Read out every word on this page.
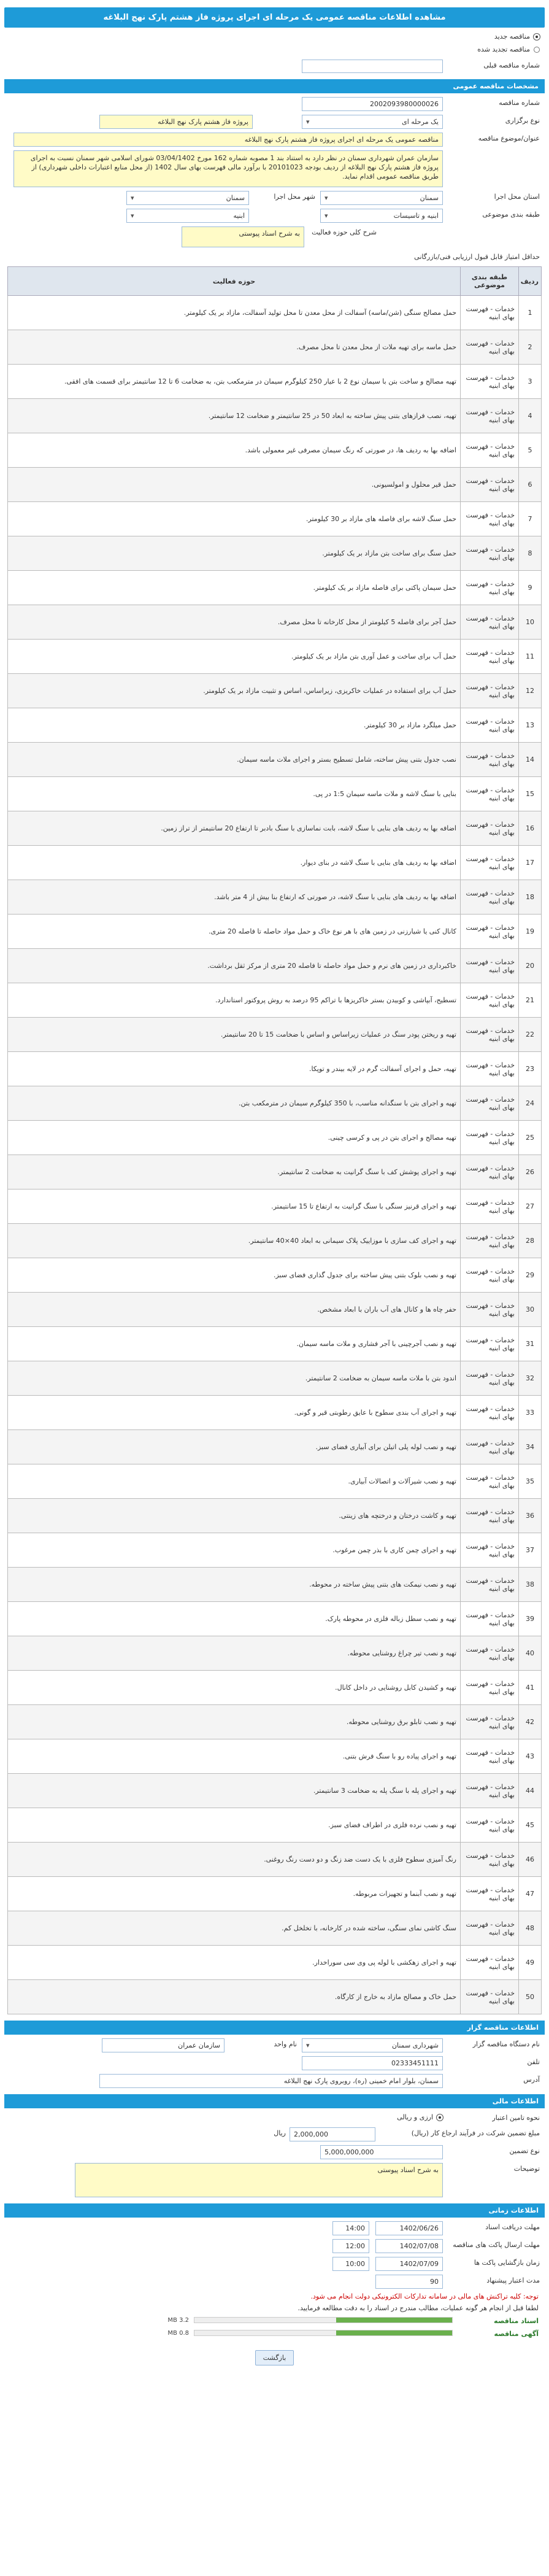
مشاهده اطلاعات مناقصه عمومی یک مرحله ای اجرای پروژه فاز هشتم پارک نهج البلاغه
مناقصه جدید
مناقصه تجدید شده
شماره مناقصه قبلی
مشخصات مناقصه عمومی
شماره مناقصه
2002093980000026
نوع برگزاری
یک مرحله ای
▾
پروژه فاز هشتم پارک نهج البلاغه
عنوان/موضوع مناقصه
مناقصه عمومی یک مرحله ای اجرای پروژه فاز هشتم پارک نهج البلاغه
سازمان عمران شهرداری سمنان در نظر دارد به استناد بند 1 مصوبه شماره 162 مورخ 03/04/1402 شورای اسلامی شهر سمنان نسبت به اجرای پروژه فاز هشتم پارک نهج البلاغه از ردیف بودجه 20101023 با برآورد مالی فهرست بهای سال 1402 (از محل منابع اعتبارات داخلی شهرداری) از طریق مناقصه عمومی اقدام نماید.
استان محل اجرا
سمنان
▾
شهر محل اجرا
سمنان
▾
طبقه بندی موضوعی
ابنیه و تاسیسات
▾
ابنیه
▾
شرح کلی حوزه فعالیت
به شرح اسناد پیوستی
حداقل امتیاز قابل قبول ارزیابی فنی/بازرگانی
ردیف	طبقه بندی موضوعی	حوزه فعالیت
1	خدمات - فهرست بهای ابنیه	حمل مصالح سنگی (شن/ماسه) آسفالت از محل معدن تا محل تولید آسفالت، مازاد بر یک کیلومتر.
2	خدمات - فهرست بهای ابنیه	حمل ماسه برای تهیه ملات از محل معدن تا محل مصرف.
3	خدمات - فهرست بهای ابنیه	تهیه مصالح و ساخت بتن با سیمان نوع 2 با عیار 250 کیلوگرم سیمان در مترمکعب بتن، به ضخامت 6 تا 12 سانتیمتر برای قسمت های افقی.
4	خدمات - فهرست بهای ابنیه	تهیه، نصب فرازهای بتنی پیش ساخته به ابعاد 50 در 25 سانتیمتر و ضخامت 12 سانتیمتر.
5	خدمات - فهرست بهای ابنیه	اضافه بها به ردیف ها، در صورتی که رنگ سیمان مصرفی غیر معمولی باشد.
6	خدمات - فهرست بهای ابنیه	حمل قیر محلول و امولسیونی.
7	خدمات - فهرست بهای ابنیه	حمل سنگ لاشه برای فاصله های مازاد بر 30 کیلومتر.
8	خدمات - فهرست بهای ابنیه	حمل سنگ برای ساخت بتن مازاد بر یک کیلومتر.
9	خدمات - فهرست بهای ابنیه	حمل سیمان پاکتی برای فاصله مازاد بر یک کیلومتر.
10	خدمات - فهرست بهای ابنیه	حمل آجر برای فاصله 5 کیلومتر از محل کارخانه تا محل مصرف.
11	خدمات - فهرست بهای ابنیه	حمل آب برای ساخت و عمل آوری بتن مازاد بر یک کیلومتر.
12	خدمات - فهرست بهای ابنیه	حمل آب برای استفاده در عملیات خاکریزی، زیراساس، اساس و تثبیت مازاد بر یک کیلومتر.
13	خدمات - فهرست بهای ابنیه	حمل میلگرد مازاد بر 30 کیلومتر.
14	خدمات - فهرست بهای ابنیه	نصب جدول بتنی پیش ساخته، شامل تسطیح بستر و اجرای ملات ماسه سیمان.
15	خدمات - فهرست بهای ابنیه	بنایی با سنگ لاشه و ملات ماسه سیمان 1:5 در پی.
16	خدمات - فهرست بهای ابنیه	اضافه بها به ردیف های بنایی با سنگ لاشه، بابت نماسازی با سنگ بادبر تا ارتفاع 20 سانتیمتر از تراز زمین.
17	خدمات - فهرست بهای ابنیه	اضافه بها به ردیف های بنایی با سنگ لاشه در بنای دیوار.
18	خدمات - فهرست بهای ابنیه	اضافه بها به ردیف های بنایی با سنگ لاشه، در صورتی که ارتفاع بنا بیش از 4 متر باشد.
19	خدمات - فهرست بهای ابنیه	کانال کنی یا شیارزنی در زمین های با هر نوع خاک و حمل مواد حاصله تا فاصله 20 متری.
20	خدمات - فهرست بهای ابنیه	خاکبرداری در زمین های نرم و حمل مواد حاصله تا فاصله 20 متری از مرکز ثقل برداشت.
21	خدمات - فهرست بهای ابنیه	تسطیح، آبپاشی و کوبیدن بستر خاکریزها با تراکم 95 درصد به روش پروکتور استاندارد.
22	خدمات - فهرست بهای ابنیه	تهیه و ریختن پودر سنگ در عملیات زیراساس و اساس با ضخامت 15 تا 20 سانتیمتر.
23	خدمات - فهرست بهای ابنیه	تهیه، حمل و اجرای آسفالت گرم در لایه بیندر و توپکا.
24	خدمات - فهرست بهای ابنیه	تهیه و اجرای بتن با سنگدانه مناسب، با 350 کیلوگرم سیمان در مترمکعب بتن.
25	خدمات - فهرست بهای ابنیه	تهیه مصالح و اجرای بتن در پی و کرسی چینی.
26	خدمات - فهرست بهای ابنیه	تهیه و اجرای پوشش کف با سنگ گرانیت به ضخامت 2 سانتیمتر.
27	خدمات - فهرست بهای ابنیه	تهیه و اجرای قرنیز سنگی با سنگ گرانیت به ارتفاع تا 15 سانتیمتر.
28	خدمات - فهرست بهای ابنیه	تهیه و اجرای کف سازی با موزاییک پلاک سیمانی به ابعاد 40×40 سانتیمتر.
29	خدمات - فهرست بهای ابنیه	تهیه و نصب بلوک بتنی پیش ساخته برای جدول گذاری فضای سبز.
30	خدمات - فهرست بهای ابنیه	حفر چاه ها و کانال های آب باران با ابعاد مشخص.
31	خدمات - فهرست بهای ابنیه	تهیه و نصب آجرچینی با آجر فشاری و ملات ماسه سیمان.
32	خدمات - فهرست بهای ابنیه	اندود بتن با ملات ماسه سیمان به ضخامت 2 سانتیمتر.
33	خدمات - فهرست بهای ابنیه	تهیه و اجرای آب بندی سطوح با عایق رطوبتی قیر و گونی.
34	خدمات - فهرست بهای ابنیه	تهیه و نصب لوله پلی اتیلن برای آبیاری فضای سبز.
35	خدمات - فهرست بهای ابنیه	تهیه و نصب شیرآلات و اتصالات آبیاری.
36	خدمات - فهرست بهای ابنیه	تهیه و کاشت درختان و درختچه های زینتی.
37	خدمات - فهرست بهای ابنیه	تهیه و اجرای چمن کاری با بذر چمن مرغوب.
38	خدمات - فهرست بهای ابنیه	تهیه و نصب نیمکت های بتنی پیش ساخته در محوطه.
39	خدمات - فهرست بهای ابنیه	تهیه و نصب سطل زباله فلزی در محوطه پارک.
40	خدمات - فهرست بهای ابنیه	تهیه و نصب تیر چراغ روشنایی محوطه.
41	خدمات - فهرست بهای ابنیه	تهیه و کشیدن کابل روشنایی در داخل کانال.
42	خدمات - فهرست بهای ابنیه	تهیه و نصب تابلو برق روشنایی محوطه.
43	خدمات - فهرست بهای ابنیه	تهیه و اجرای پیاده رو با سنگ فرش بتنی.
44	خدمات - فهرست بهای ابنیه	تهیه و اجرای پله با سنگ پله به ضخامت 3 سانتیمتر.
45	خدمات - فهرست بهای ابنیه	تهیه و نصب نرده فلزی در اطراف فضای سبز.
46	خدمات - فهرست بهای ابنیه	رنگ آمیزی سطوح فلزی با یک دست ضد زنگ و دو دست رنگ روغنی.
47	خدمات - فهرست بهای ابنیه	تهیه و نصب آبنما و تجهیزات مربوطه.
48	خدمات - فهرست بهای ابنیه	سنگ کاشی نمای سنگی، ساخته شده در کارخانه، با تخلخل کم.
49	خدمات - فهرست بهای ابنیه	تهیه و اجرای زهکشی با لوله پی وی سی سوراخدار.
50	خدمات - فهرست بهای ابنیه	حمل خاک و مصالح مازاد به خارج از کارگاه.
اطلاعات مناقصه گزار
نام دستگاه مناقصه گزار
شهرداری سمنان
▾
نام واحد
سازمان عمران
تلفن
02333451111
آدرس
سمنان، بلوار امام خمینی (ره)، روبروی پارک نهج البلاغه
اطلاعات مالی
نحوه تامین اعتبار
ارزی و ریالی
مبلغ تضمین شرکت در فرآیند ارجاع کار (ریال)
2,000,000
ریال
نوع تضمین
5,000,000,000
توضیحات
به شرح اسناد پیوستی
اطلاعات زمانی
مهلت دریافت اسناد
1402/06/26
14:00
مهلت ارسال پاکت های مناقصه
1402/07/08
12:00
زمان بازگشایی پاکت ها
1402/07/09
10:00
مدت اعتبار پیشنهاد
90
توجه: کلیه تراکنش های مالی در سامانه تدارکات الکترونیکی دولت انجام می شود.
لطفا قبل از انجام هر گونه عملیات، مطالب مندرج در اسناد را به دقت مطالعه فرمایید.
اسناد مناقصه
3.2 MB
آگهی مناقصه
0.8 MB
بازگشت
